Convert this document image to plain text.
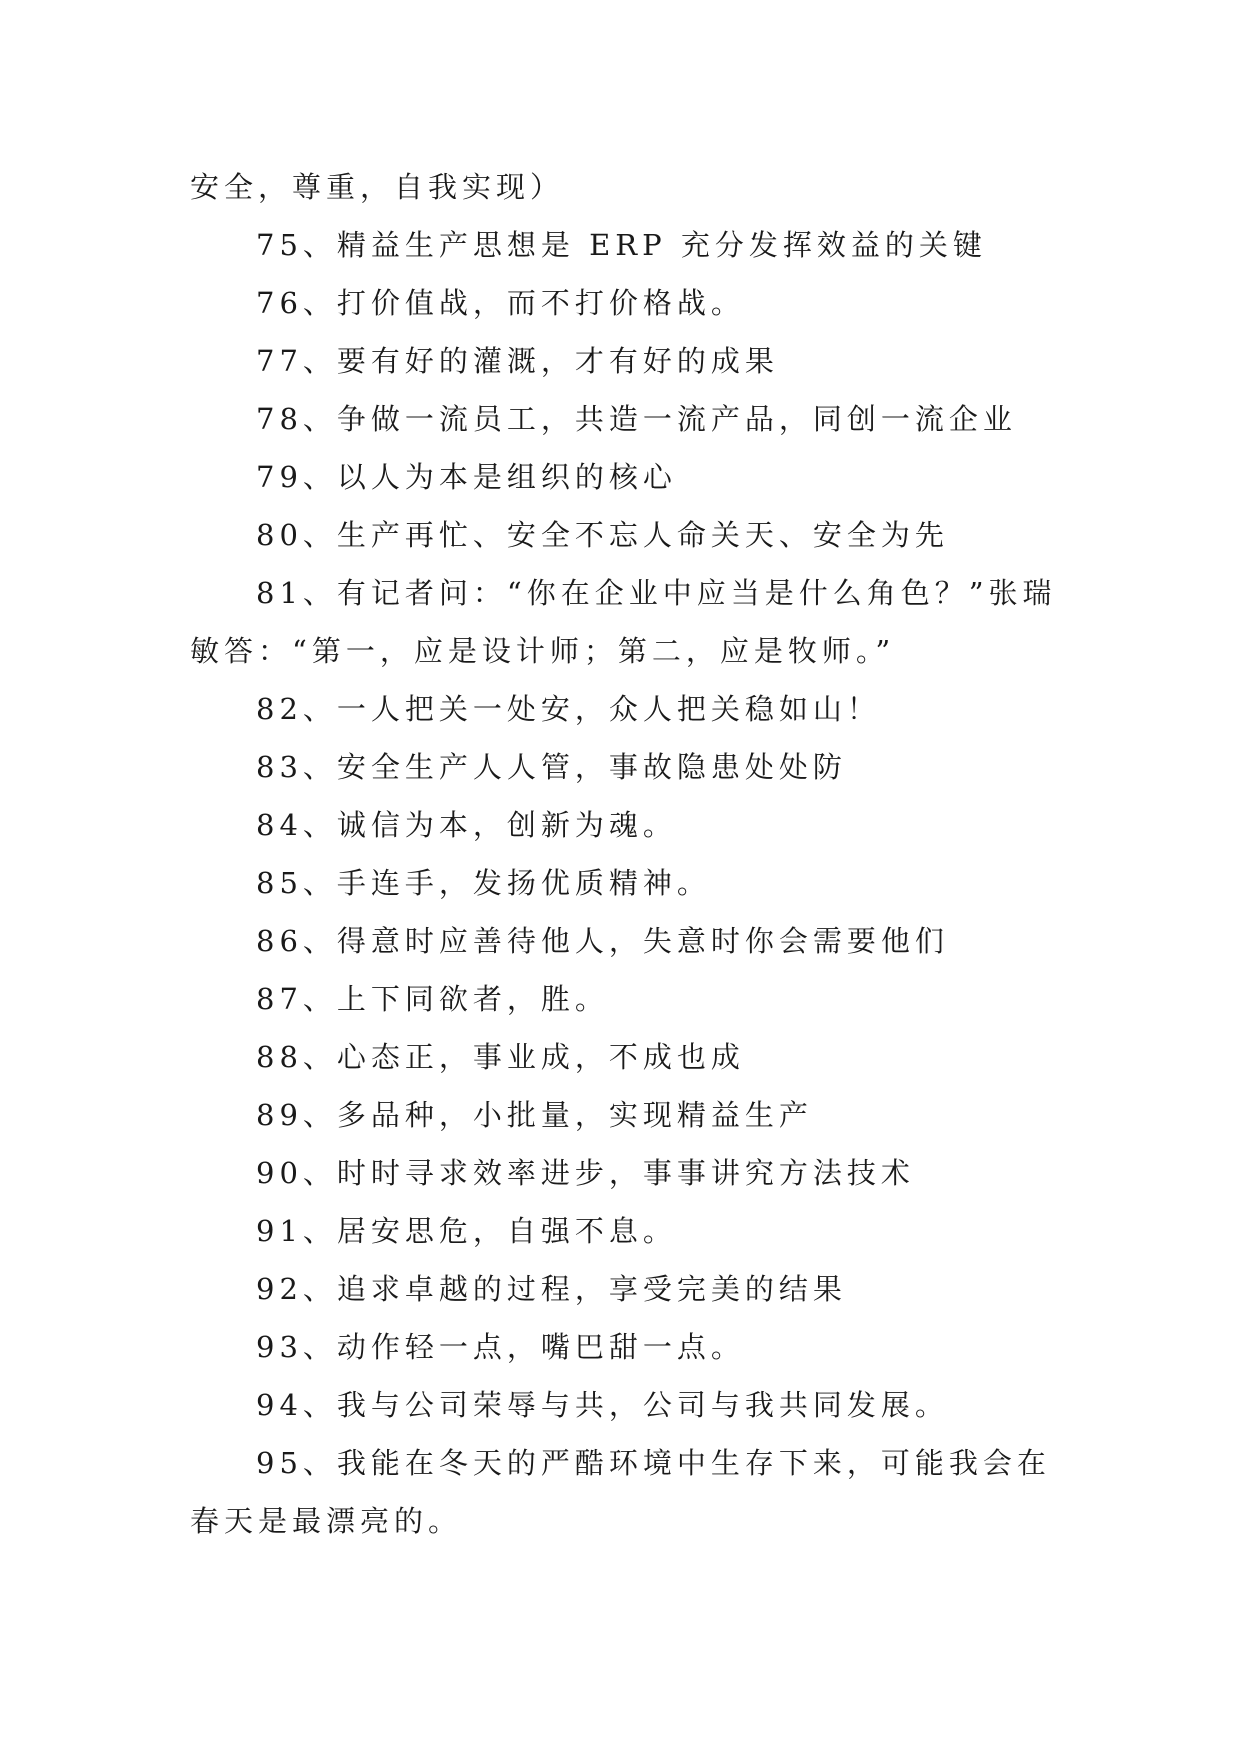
安全，尊重，自我实现）

75、精益生产思想是 ERP 充分发挥效益的关键

76、打价值战，而不打价格战。

77、要有好的灌溉，才有好的成果

78、争做一流员工，共造一流产品，同创一流企业

79、以人为本是组织的核心

80、生产再忙、安全不忘人命关天、安全为先

81、有记者问：“你在企业中应当是什么角色？”张瑞敏答：“第一，应是设计师；第二，应是牧师。”

82、一人把关一处安，众人把关稳如山！

83、安全生产人人管，事故隐患处处防

84、诚信为本，创新为魂。

85、手连手，发扬优质精神。

86、得意时应善待他人，失意时你会需要他们

87、上下同欲者，胜。

88、心态正，事业成，不成也成

89、多品种，小批量，实现精益生产

90、时时寻求效率进步，事事讲究方法技术

91、居安思危，自强不息。

92、追求卓越的过程，享受完美的结果

93、动作轻一点，嘴巴甜一点。

94、我与公司荣辱与共，公司与我共同发展。

95、我能在冬天的严酷环境中生存下来，可能我会在春天是最漂亮的。
